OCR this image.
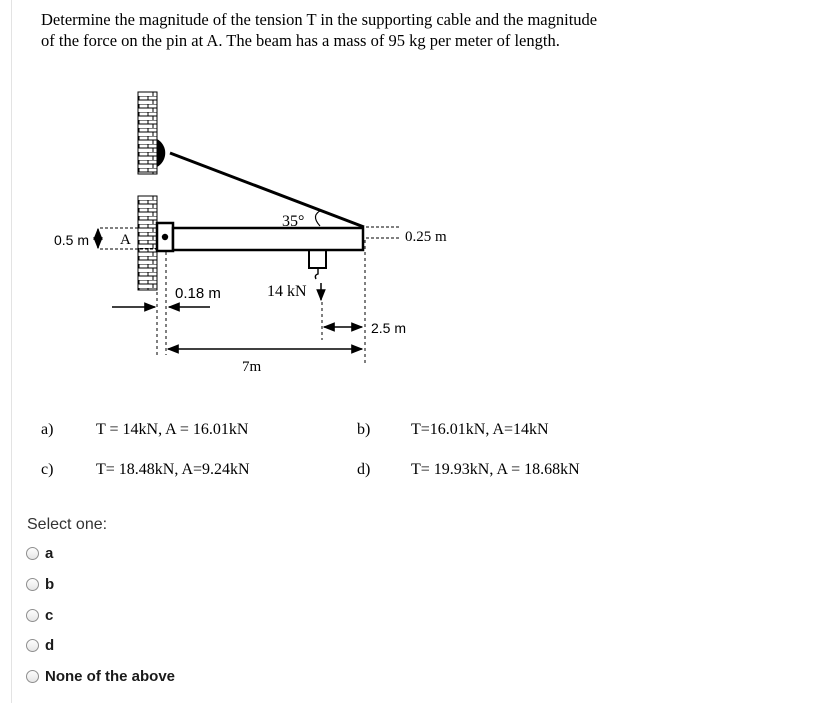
Determine the magnitude of the tension T in the supporting cable and the magnitude

of the force on the pin at A. The beam has a mass of 95 kg per meter of length.

35°
14 kN
0.5 m A	0.25 m
0.18 m
2.5 m
7m
a)	T = 14kN, A = 16.01kN	b)	T=16.01kN, A=14kN
c)	T= 18.48kN, A=9.24kN	d)	T= 19.93kN, A = 18.68kN
Select one:
a
b
c
d
None of the above
